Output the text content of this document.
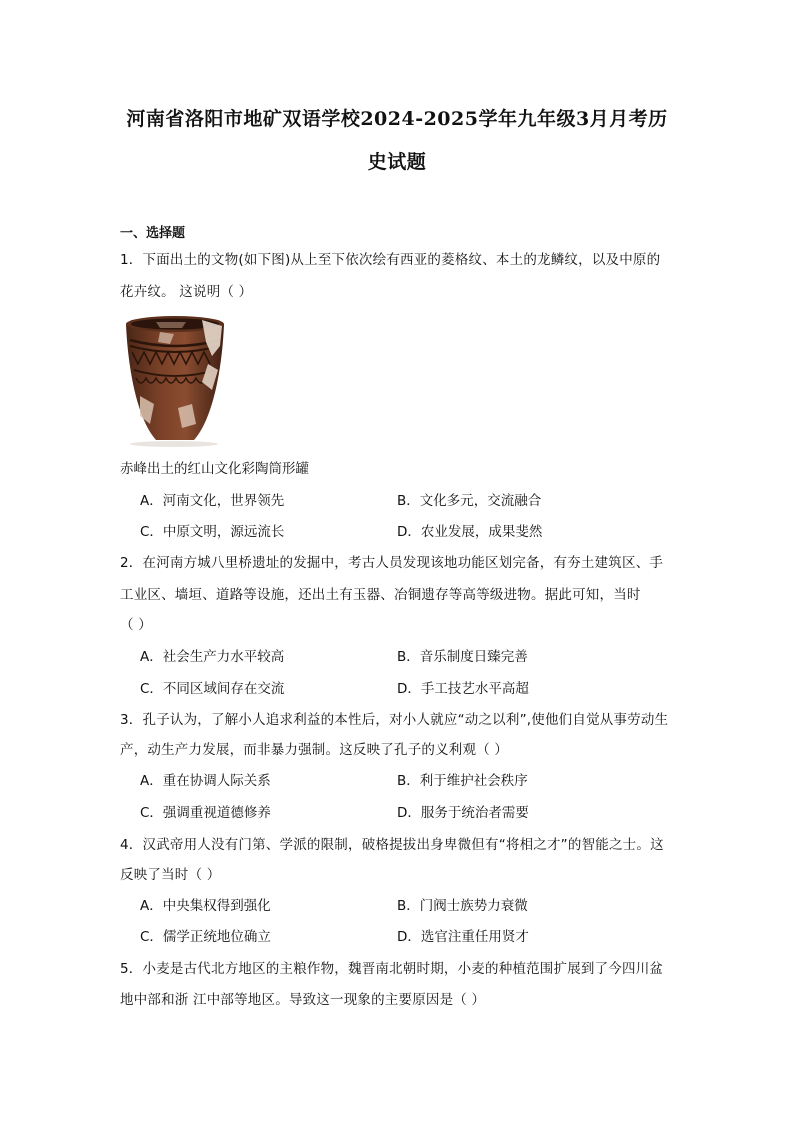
河南省洛阳市地矿双语学校2024-2025学年九年级3月月考历
史试题
一、选择题
1．下面出土的文物(如下图)从上至下依次绘有西亚的菱格纹、本土的龙鳞纹，以及中原的
花卉纹。 这说明（ ）
赤峰出土的红山文化彩陶筒形罐
A．河南文化，世界领先	B．文化多元，交流融合
C．中原文明，源远流长	D．农业发展，成果斐然
2．在河南方城八里桥遗址的发掘中，考古人员发现该地功能区划完备，有夯土建筑区、手
工业区、墙垣、道路等设施，还出土有玉器、冶铜遗存等高等级进物。据此可知，当时
（ ）
A．社会生产力水平较高	B．音乐制度日臻完善
C．不同区域间存在交流	D．手工技艺水平高超
3．孔子认为，了解小人追求利益的本性后，对小人就应“动之以利”,使他们自觉从事劳动生
产，动生产力发展，而非暴力强制。这反映了孔子的义利观（ ）
A．重在协调人际关系	B．利于维护社会秩序
C．强调重视道德修养	D．服务于统治者需要
4．汉武帝用人没有门第、学派的限制，破格提拔出身卑微但有“将相之才”的智能之士。这
反映了当时（ ）
A．中央集权得到强化	B．门阀士族势力衰微
C．儒学正统地位确立	D．选官注重任用贤才
5．小麦是古代北方地区的主粮作物，魏晋南北朝时期，小麦的种植范围扩展到了今四川盆
地中部和浙 江中部等地区。导致这一现象的主要原因是（ ）
